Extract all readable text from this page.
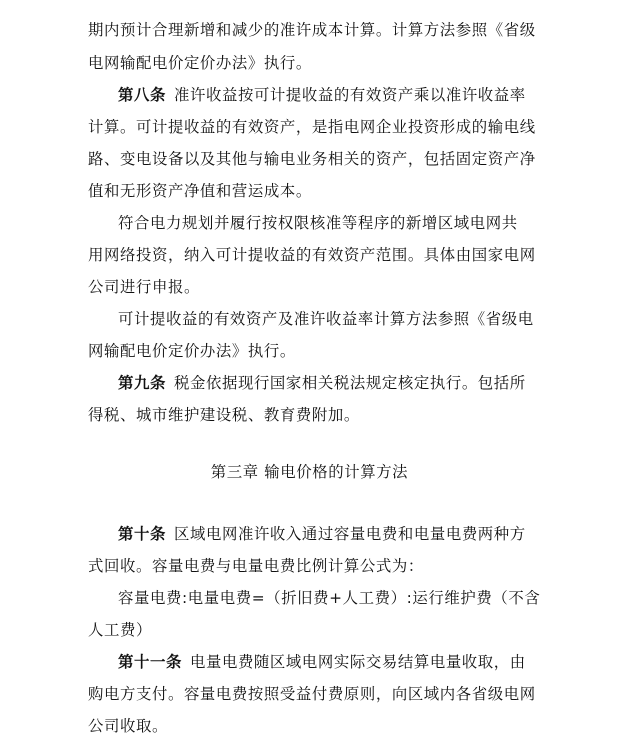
期内预计合理新增和减少的准许成本计算。计算方法参照《省级
电网输配电价定价办法》执行。
第八条 准许收益按可计提收益的有效资产乘以准许收益率
计算。可计提收益的有效资产，是指电网企业投资形成的输电线
路、变电设备以及其他与输电业务相关的资产，包括固定资产净
值和无形资产净值和营运成本。
符合电力规划并履行按权限核准等程序的新增区域电网共
用网络投资，纳入可计提收益的有效资产范围。具体由国家电网
公司进行申报。
可计提收益的有效资产及准许收益率计算方法参照《省级电
网输配电价定价办法》执行。
第九条 税金依据现行国家相关税法规定核定执行。包括所
得税、城市维护建设税、教育费附加。
第三章 输电价格的计算方法
第十条 区域电网准许收入通过容量电费和电量电费两种方
式回收。容量电费与电量电费比例计算公式为：
容量电费:电量电费=（折旧费+人工费）:运行维护费（不含
人工费）
第十一条 电量电费随区域电网实际交易结算电量收取，由
购电方支付。容量电费按照受益付费原则，向区域内各省级电网
公司收取。
